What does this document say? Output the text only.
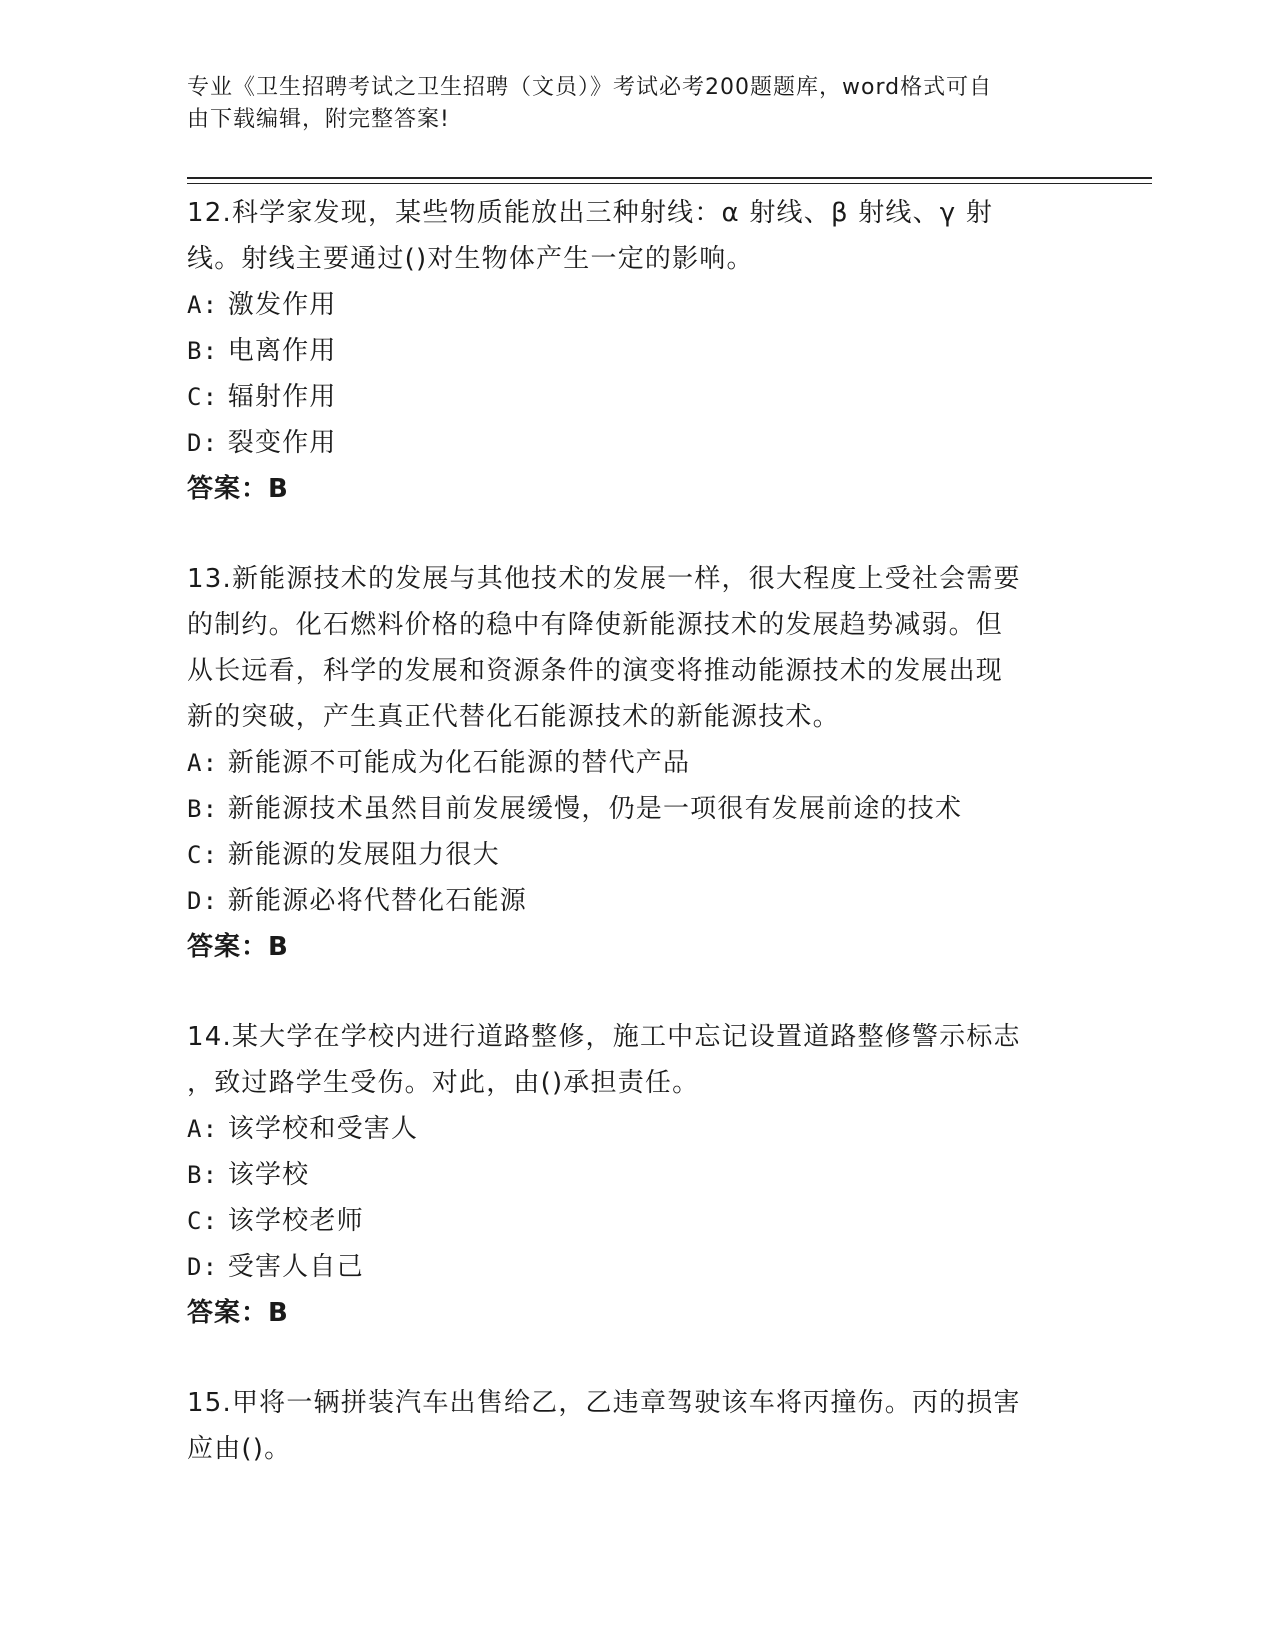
专业《卫生招聘考试之卫生招聘（文员）》考试必考200题题库，word格式可自
由下载编辑，附完整答案!
12.科学家发现，某些物质能放出三种射线：α 射线、β 射线、γ 射
线。射线主要通过()对生物体产生一定的影响。
A: 激发作用
B: 电离作用
C: 辐射作用
D: 裂变作用
答案：B
13.新能源技术的发展与其他技术的发展一样，很大程度上受社会需要
的制约。化石燃料价格的稳中有降使新能源技术的发展趋势减弱。但
从长远看，科学的发展和资源条件的演变将推动能源技术的发展出现
新的突破，产生真正代替化石能源技术的新能源技术。
A: 新能源不可能成为化石能源的替代产品
B: 新能源技术虽然目前发展缓慢，仍是一项很有发展前途的技术
C: 新能源的发展阻力很大
D: 新能源必将代替化石能源
答案：B
14.某大学在学校内进行道路整修，施工中忘记设置道路整修警示标志
，致过路学生受伤。对此，由()承担责任。
A: 该学校和受害人
B: 该学校
C: 该学校老师
D: 受害人自己
答案：B
15.甲将一辆拼装汽车出售给乙，乙违章驾驶该车将丙撞伤。丙的损害
应由()。
